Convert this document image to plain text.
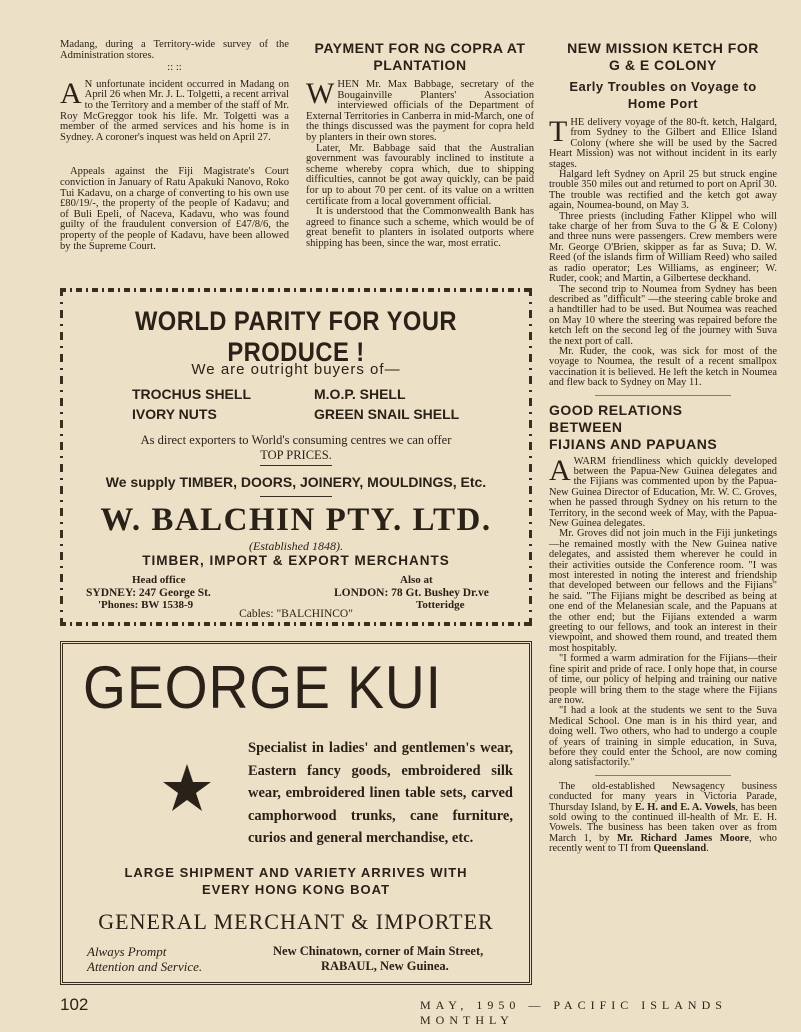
Madang, during a Territory-wide survey of the Administration stores.

:: ::

A N unfortunate incident occurred in Madang on April 26 when Mr. J. L. Tolgetti, a recent arrival to the Territory and a member of the staff of Mr. Roy McGreggor took his life. Mr. Tolgetti was a member of the armed services and his home is in Sydney. A coroner's inquest was held on April 27.

Appeals against the Fiji Magistrate's Court conviction in January of Ratu Apakuki Nanovo, Roko Tui Kadavu, on a charge of converting to his own use £80/19/-, the property of the people of Kadavu; and of Buli Epeli, of Naceva, Kadavu, who was found guilty of the fraudulent conversion of £47/8/6, the property of the people of Kadavu, have been allowed by the Supreme Court.

PAYMENT FOR NG COPRA AT
PLANTATION

WHEN Mr. Max Babbage, secretary of the Bougainville Planters' Association interviewed officials of the Department of External Territories in Canberra in mid-March, one of the things discussed was the payment for copra held by planters in their own stores.

Later, Mr. Babbage said that the Australian government was favourably inclined to institute a scheme whereby copra which, due to shipping difficulties, cannot be got away quickly, can be paid for up to about 70 per cent. of its value on a written certificate from a local government official.

It is understood that the Commonwealth Bank has agreed to finance such a scheme, which would be of great benefit to planters in isolated outports where shipping has been, since the war, most erratic.

NEW MISSION KETCH FOR
G & E COLONY
Early Troubles on Voyage to
Home Port

THE delivery voyage of the 80-ft. ketch, Halgard, from Sydney to the Gilbert and Ellice Island Colony (where she will be used by the Sacred Heart Mission) was not without incident in its early stages.

Halgard left Sydney on April 25 but struck engine trouble 350 miles out and returned to port on April 30. The trouble was rectified and the ketch got away again, Noumea-bound, on May 3.

Three priests (including Father Klippel who will take charge of her from Suva to the G & E Colony) and three nuns were passengers. Crew members were Mr. George O'Brien, skipper as far as Suva; D. W. Reed (of the islands firm of William Reed) who sailed as radio operator; Les Williams, as engineer; W. Ruder, cook; and Martin, a Gilbertese deckhand.

The second trip to Noumea from Sydney has been described as "difficult" —the steering cable broke and a handtiller had to be used. But Noumea was reached on May 10 where the steering was repaired before the ketch left on the second leg of the journey with Suva the next port of call.

Mr. Ruder, the cook, was sick for most of the voyage to Noumea, the result of a recent smallpox vaccination it is believed. He left the ketch in Noumea and flew back to Sydney on May 11.

GOOD RELATIONS
BETWEEN
FIJIANS AND PAPUANS

AWARM friendliness which quickly developed between the Papua-New Guinea delegates and the Fijians was commented upon by the Papua-New Guinea Director of Education, Mr. W. C. Groves, when he passed through Sydney on his return to the Territory, in the second week of May, with the Papua-New Guinea delegates.

Mr. Groves did not join much in the Fiji junketings—he remained mostly with the New Guinea native delegates, and assisted them wherever he could in their activities outside the Conference room. "I was most interested in noting the interest and friendship that developed between our fellows and the Fijians" he said. "The Fijians might be described as being at one end of the Melanesian scale, and the Papuans at the other end; but the Fijians extended a warm greeting to our fellows, and took an interest in their viewpoint, and showed them round, and treated them most hospitably.

"I formed a warm admiration for the Fijians—their fine spirit and pride of race. I only hope that, in course of time, our policy of helping and training our native people will bring them to the stage where the Fijians are now.

"I had a look at the students we sent to the Suva Medical School. One man is in his third year, and doing well. Two others, who had to undergo a couple of years of training in simple education, in Suva, before they could enter the School, are now coming along satisfactorily."

The old-established Newsagency business conducted for many years in Victoria Parade, Thursday Island, by E. H. and E. A. Vowels, has been sold owing to the continued ill-health of Mr. E. H. Vowels. The business has been taken over as from March 1, by Mr. Richard James Moore, who recently went to TI from Queensland.

WORLD PARITY FOR YOUR PRODUCE !
We are outright buyers of—
TROCHUS SHELL	M.O.P. SHELL
IVORY NUTS	GREEN SNAIL SHELL
As direct exporters to World's consuming centres we can offer
TOP PRICES.
We supply TIMBER, DOORS, JOINERY, MOULDINGS, Etc.
W. BALCHIN PTY. LTD.
(Established 1848).
TIMBER, IMPORT & EXPORT MERCHANTS
Head office
SYDNEY: 247 George St.
'Phones: BW 1538-9
Also at
LONDON: 78 Gt. Bushey Dr.ve
Totteridge
Cables: "BALCHINCO"
GEORGE KUI
Specialist in ladies' and gentlemen's wear, Eastern fancy goods, embroidered silk wear, embroidered linen table sets, carved camphorwood trunks, cane furniture, curios and general merchandise, etc.
LARGE SHIPMENT AND VARIETY ARRIVES WITH
EVERY HONG KONG BOAT
GENERAL MERCHANT & IMPORTER
Always Prompt
Attention and Service.
New Chinatown, corner of Main Street,
RABAUL, New Guinea.
102	MAY, 1950 — PACIFIC ISLANDS MONTHLY
